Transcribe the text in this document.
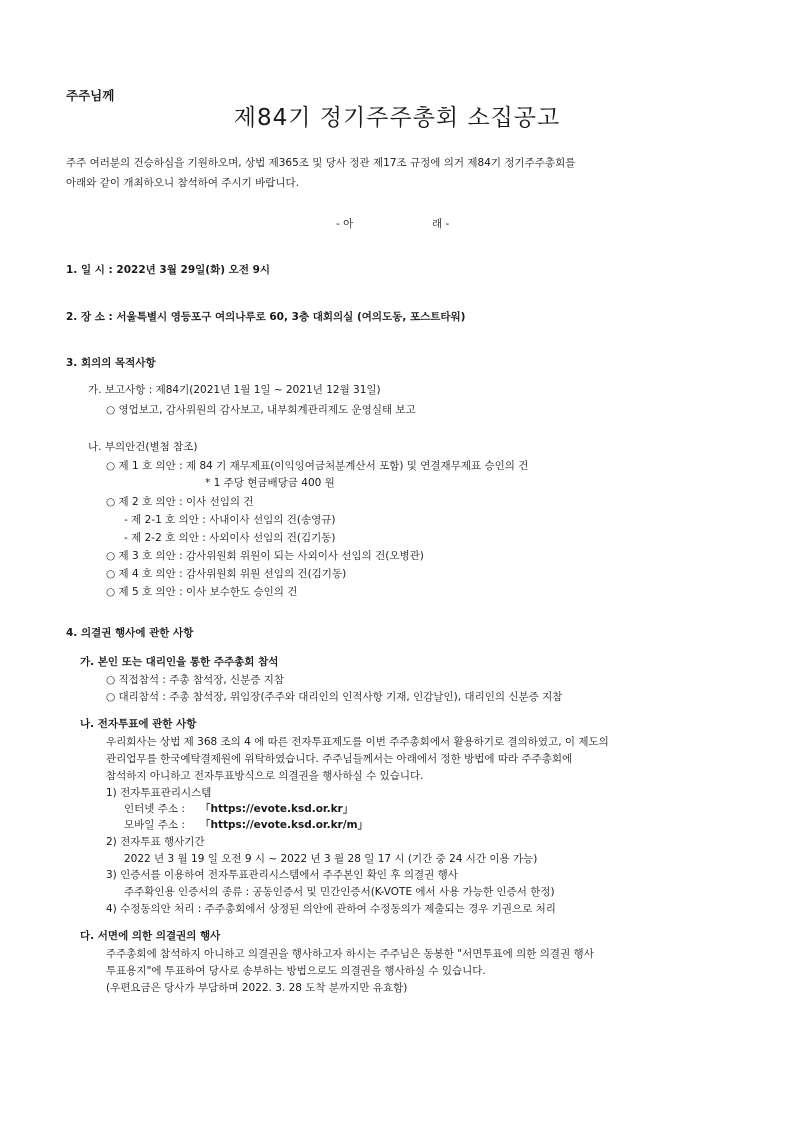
주주님께
제84기 정기주주총회 소집공고
주주 여러분의 건승하심을 기원하오며, 상법 제365조 및 당사 정관 제17조 규정에 의거 제84기 정기주주총회를
아래와 같이 개최하오니 참석하여 주시기 바랍니다.
- 아	래 -
1. 일 시 : 2022년 3월 29일(화) 오전 9시
2. 장 소 : 서울특별시 영등포구 여의나루로 60, 3층 대회의실 (여의도동, 포스트타워)
3. 회의의 목적사항
가. 보고사항 : 제84기(2021년 1월 1일 ~ 2021년 12월 31일)
○ 영업보고, 감사위원의 감사보고, 내부회계관리제도 운영실태 보고
나. 부의안건(별첨 참조)
○ 제 1 호 의안 : 제 84 기 재무제표(이익잉여금처분계산서 포함) 및 연결재무제표 승인의 건
* 1 주당 현금배당금 400 원
○ 제 2 호 의안 : 이사 선임의 건
- 제 2-1 호 의안 : 사내이사 선임의 건(송영규)
- 제 2-2 호 의안 : 사외이사 선임의 건(김기동)
○ 제 3 호 의안 : 감사위원회 위원이 되는 사외이사 선임의 건(오병관)
○ 제 4 호 의안 : 감사위원회 위원 선임의 건(김기동)
○ 제 5 호 의안 : 이사 보수한도 승인의 건
4. 의결권 행사에 관한 사항
가. 본인 또는 대리인을 통한 주주총회 참석
○ 직접참석 : 주총 참석장, 신분증 지참
○ 대리참석 : 주총 참석장, 위임장(주주와 대리인의 인적사항 기재, 인감날인), 대리인의 신분증 지참
나. 전자투표에 관한 사항
우리회사는 상법 제 368 조의 4 에 따른 전자투표제도를 이번 주주총회에서 활용하기로 결의하였고, 이 제도의
관리업무를 한국예탁결제원에 위탁하였습니다. 주주님들께서는 아래에서 정한 방법에 따라 주주총회에
참석하지 아니하고 전자투표방식으로 의결권을 행사하실 수 있습니다.
1) 전자투표관리시스템
인터넷 주소 : 「https://evote.ksd.or.kr」
모바일 주소 : 「https://evote.ksd.or.kr/m」
2) 전자투표 행사기간
2022 년 3 월 19 일 오전 9 시 ~ 2022 년 3 월 28 일 17 시 (기간 중 24 시간 이용 가능)
3) 인증서를 이용하여 전자투표관리시스템에서 주주본인 확인 후 의결권 행사
주주확인용 인증서의 종류 : 공동인증서 및 민간인증서(K-VOTE 에서 사용 가능한 인증서 한정)
4) 수정동의안 처리 : 주주총회에서 상정된 의안에 관하여 수정동의가 제출되는 경우 기권으로 처리
다. 서면에 의한 의결권의 행사
주주총회에 참석하지 아니하고 의결권을 행사하고자 하시는 주주님은 동봉한 "서면투표에 의한 의결권 행사
투표용지"에 투표하여 당사로 송부하는 방법으로도 의결권을 행사하실 수 있습니다.
(우편요금은 당사가 부담하며 2022. 3. 28 도착 분까지만 유효함)
